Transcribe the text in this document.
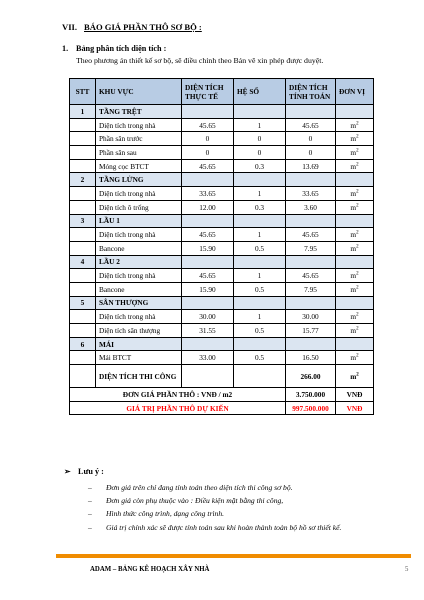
VII. BÁO GIÁ PHẦN THÔ SƠ BỘ :
1. Bảng phân tích diện tích :
Theo phương án thiết kế sơ bộ, sẽ điều chỉnh theo Bản vẽ xin phép được duyệt.
STT	KHU VỰC	DIỆN TÍCH THỰC TẾ	HỆ SỐ	DIỆN TÍCH TÍNH TOÁN	ĐƠN VỊ
1	TẦNG TRỆT				
	Diện tích trong nhà	45.65	1	45.65	$m^2$
	Phần sân trước	0	0	0	$m^2$
	Phần sân sau	0	0	0	$m^2$
	Móng cọc BTCT	45.65	0.3	13.69	$m^2$
2	TẦNG LỬNG				
	Diện tích trong nhà	33.65	1	33.65	$m^2$
	Diện tích ô trống	12.00	0.3	3.60	$m^2$
3	LẦU 1				
	Diện tích trong nhà	45.65	1	45.65	$m^2$
	Bancone	15.90	0.5	7.95	$m^2$
4	LẦU 2				
	Diện tích trong nhà	45.65	1	45.65	$m^2$
	Bancone	15.90	0.5	7.95	$m^2$
5	SÂN THƯỢNG				
	Diện tích trong nhà	30.00	1	30.00	$m^2$
	Diện tích sân thượng	31.55	0.5	15.77	$m^2$
6	MÁI				
	Mái BTCT	33.00	0.5	16.50	$m^2$
	DIỆN TÍCH THI CÔNG			266.00	$m^2$
ĐƠN GIÁ PHẦN THÔ : VNĐ / m2				3.750.000	VNĐ
GIÁ TRỊ PHẦN THÔ DỰ KIẾN				997.500.000	VNĐ
➢ Lưu ý :
– Đơn giá trên chỉ đang tính toán theo diện tích thi công sơ bộ.
– Đơn giá còn phụ thuộc vào : Điều kiện mặt bằng thi công,
– Hình thức công trình, dạng công trình.
– Giá trị chính xác sẽ được tính toán sau khi hoàn thành toàn bộ hồ sơ thiết kế.
ADAM – BẢNG KÊ HOẠCH XÂY NHÀ	5
